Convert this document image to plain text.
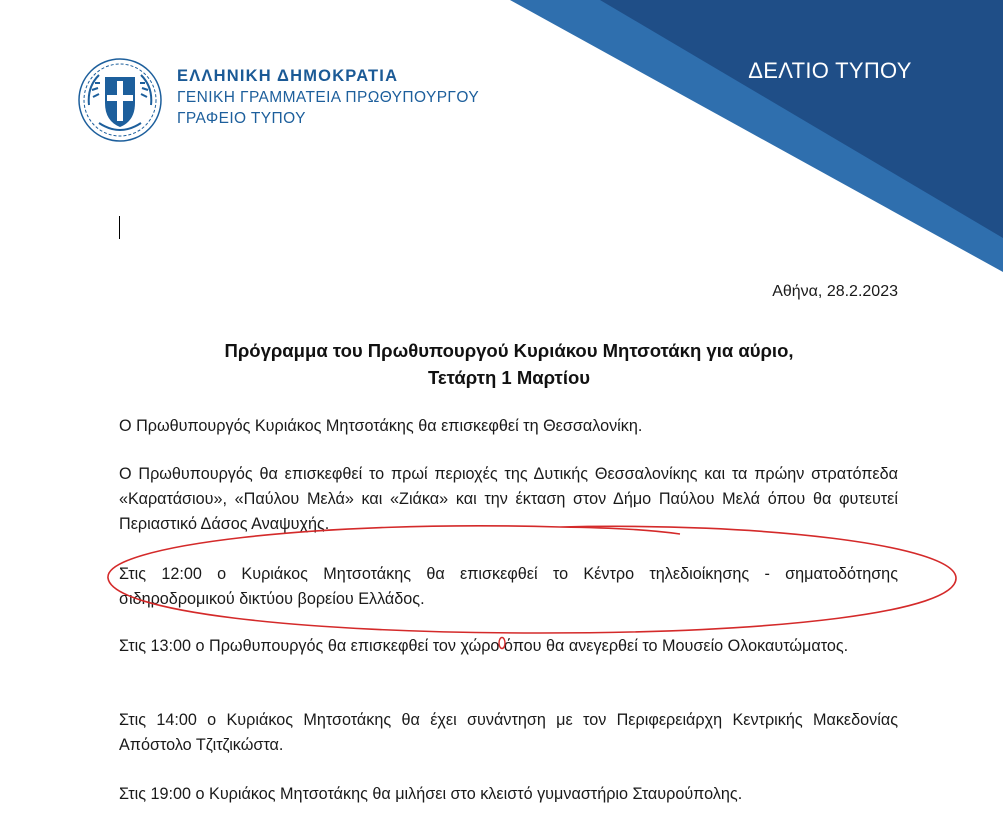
ΔΕΛΤΙΟ ΤΥΠΟΥ
ΕΛΛΗΝΙΚΗ ΔΗΜΟΚΡΑΤΙΑ
ΓΕΝΙΚΗ ΓΡΑΜΜΑΤΕΙΑ ΠΡΩΘΥΠΟΥΡΓΟΥ
ΓΡΑΦΕΙΟ ΤΥΠΟΥ
Αθήνα, 28.2.2023
Πρόγραμμα του Πρωθυπουργού Κυριάκου Μητσοτάκη για αύριο,
Τετάρτη 1 Μαρτίου
Ο Πρωθυπουργός Κυριάκος Μητσοτάκης θα επισκεφθεί τη Θεσσαλονίκη.
Ο Πρωθυπουργός θα επισκεφθεί το πρωί περιοχές της Δυτικής Θεσσαλονίκης και τα πρώην στρατόπεδα «Καρατάσιου», «Παύλου Μελά» και «Ζιάκα» και την έκταση στον Δήμο Παύλου Μελά όπου θα φυτευτεί Περιαστικό Δάσος Αναψυχής.
Στις 12:00 ο Κυριάκος Μητσοτάκης θα επισκεφθεί το Κέντρο τηλεδιοίκησης - σηματοδότησης σιδηροδρομικού δικτύου βορείου Ελλάδος.
Στις 13:00 ο Πρωθυπουργός θα επισκεφθεί τον χώρο όπου θα ανεγερθεί το Μουσείο Ολοκαυτώματος.
Στις 14:00 ο Κυριάκος Μητσοτάκης θα έχει συνάντηση με τον Περιφερειάρχη Κεντρικής Μακεδονίας Απόστολο Τζιτζικώστα.
Στις 19:00 ο Κυριάκος Μητσοτάκης θα μιλήσει στο κλειστό γυμναστήριο Σταυρούπολης.
